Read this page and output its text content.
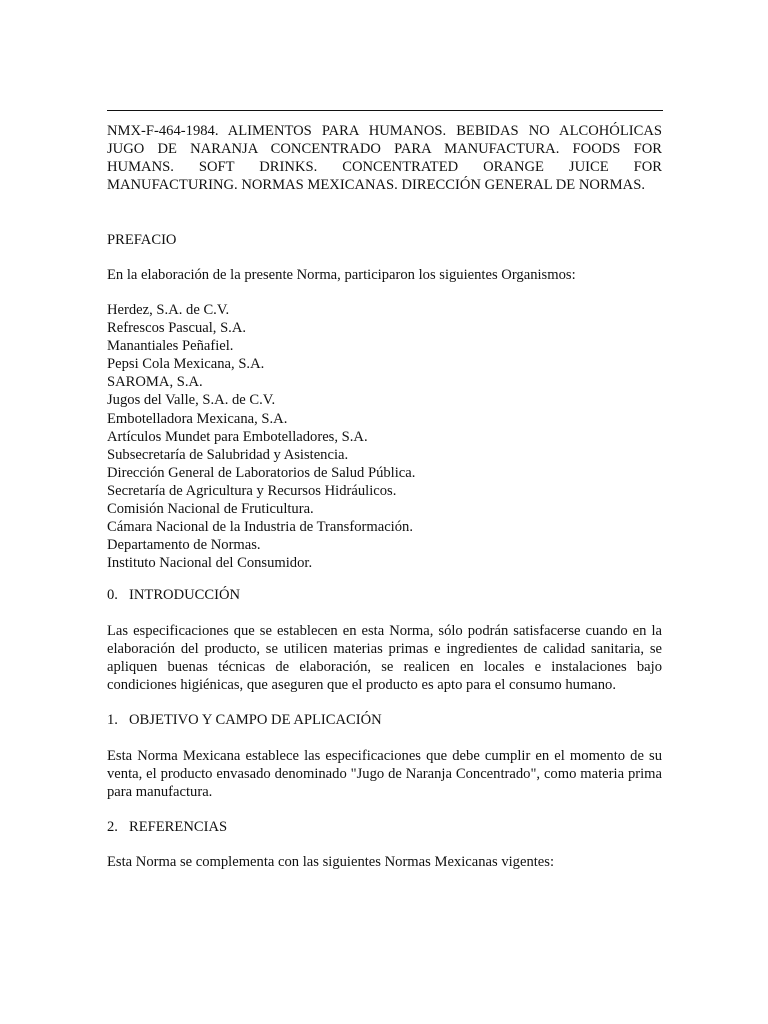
NMX-F-464-1984. ALIMENTOS PARA HUMANOS. BEBIDAS NO ALCOHÓLICAS JUGO DE NARANJA CONCENTRADO PARA MANUFACTURA. FOODS FOR HUMANS. SOFT DRINKS. CONCENTRATED ORANGE JUICE FOR MANUFACTURING. NORMAS MEXICANAS. DIRECCIÓN GENERAL DE NORMAS.

PREFACIO

En la elaboración de la presente Norma, participaron los siguientes Organismos:

Herdez, S.A. de C.V.
Refrescos Pascual, S.A.
Manantiales Peñafiel.
Pepsi Cola Mexicana, S.A.
SAROMA, S.A.
Jugos del Valle, S.A. de C.V.
Embotelladora Mexicana, S.A.
Artículos Mundet para Embotelladores, S.A.
Subsecretaría de Salubridad y Asistencia.
Dirección General de Laboratorios de Salud Pública.
Secretaría de Agricultura y Recursos Hidráulicos.
Comisión Nacional de Fruticultura.
Cámara Nacional de la Industria de Transformación.
Departamento de Normas.
Instituto Nacional del Consumidor.

0. INTRODUCCIÓN

Las especificaciones que se establecen en esta Norma, sólo podrán satisfacerse cuando en la elaboración del producto, se utilicen materias primas e ingredientes de calidad sanitaria, se apliquen buenas técnicas de elaboración, se realicen en locales e instalaciones bajo condiciones higiénicas, que aseguren que el producto es apto para el consumo humano.

1. OBJETIVO Y CAMPO DE APLICACIÓN

Esta Norma Mexicana establece las especificaciones que debe cumplir en el momento de su venta, el producto envasado denominado "Jugo de Naranja Concentrado", como materia prima para manufactura.

2. REFERENCIAS

Esta Norma se complementa con las siguientes Normas Mexicanas vigentes:
